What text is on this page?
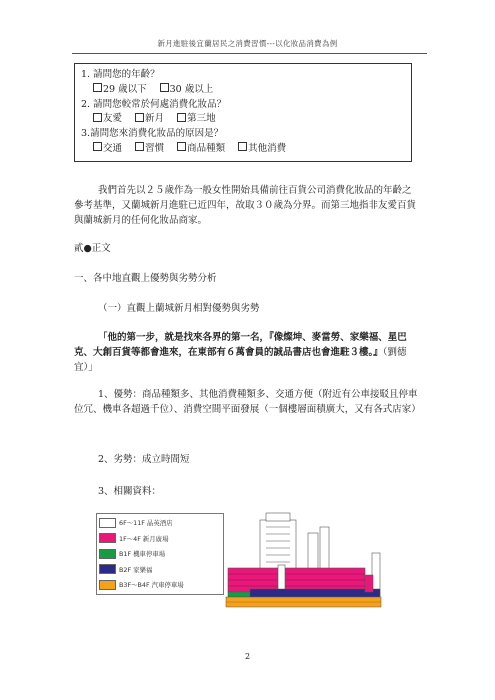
新月進駐後宜蘭居民之消費習慣---以化妝品消費為例
1. 請問您的年齡？
29 歲以下 30 歲以上
2. 請問您較常於何處消費化妝品？
友愛 新月 第三地
3.請問您來消費化妝品的原因是？
交通 習慣 商品種類 其他消費
我們首先以２５歲作為一般女性開始具備前往百貨公司消費化妝品的年齡之參考基準，又蘭城新月進駐已近四年，故取３０歲為分界。而第三地指非友愛百貨與蘭城新月的任何化妝品商家。
貳●正文
一、各中地直觀上優勢與劣勢分析
（一）直觀上蘭城新月相對優勢與劣勢
「他的第一步，就是找來各界的第一名，『像燦坤、麥當勞、家樂福、星巴克、大創百貨等都會進來，在東部有６萬會員的誠品書店也會進駐３樓。』（劉德宜）」
1、優勢：商品種類多、其他消費種類多、交通方便（附近有公車接駁且停車位冗、機車各超過千位）、消費空間平面發展（一個樓層面積廣大，又有各式店家）
2、劣勢：成立時間短
3、相關資料：
6F～11F 晶英酒店
1F～4F 新月廣場
B1F 機車停車場
B2F 家樂福
B3F～B4F 汽車停車場
2
